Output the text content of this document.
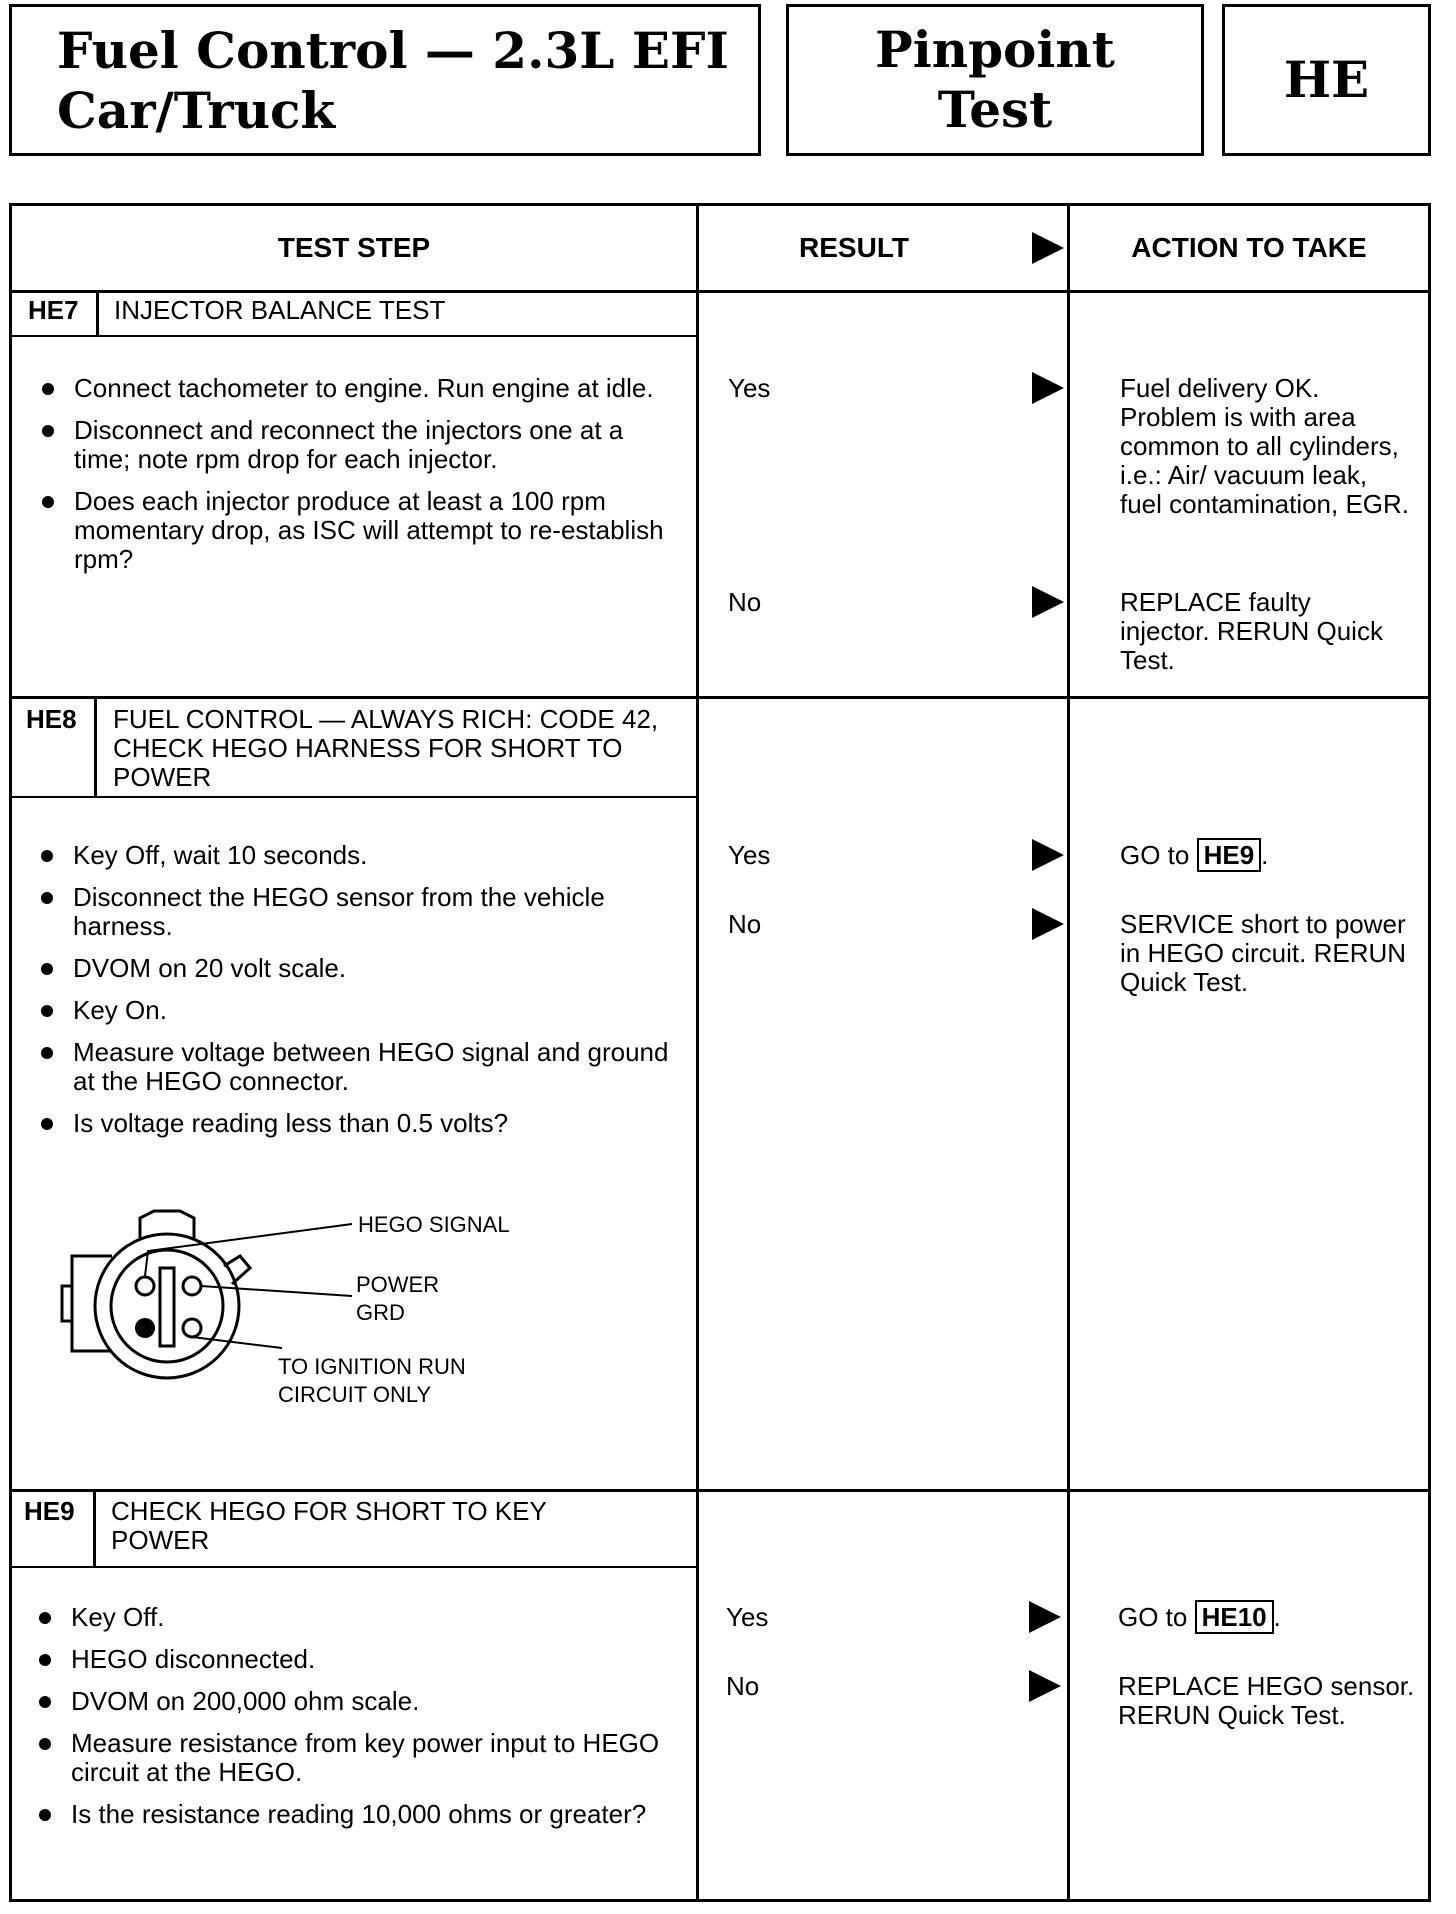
Fuel Control — 2.3L EFI
Car/Truck
Pinpoint
Test
HE
TEST STEP	RESULT	ACTION TO TAKE
HE7 INJECTOR BALANCE TEST
Connect tachometer to engine. Run engine at idle.
Disconnect and reconnect the injectors one at a time; note rpm drop for each injector.
Does each injector produce at least a 100 rpm momentary drop, as ISC will attempt to re-establish rpm?
Yes	Fuel delivery OK. Problem is with area common to all cylinders, i.e.: Air/ vacuum leak, fuel contamination, EGR.
No	REPLACE faulty injector. RERUN Quick Test.
HE8 FUEL CONTROL — ALWAYS RICH: CODE 42, CHECK HEGO HARNESS FOR SHORT TO POWER
Key Off, wait 10 seconds.
Disconnect the HEGO sensor from the vehicle harness.
DVOM on 20 volt scale.
Key On.
Measure voltage between HEGO signal and ground at the HEGO connector.
Is voltage reading less than 0.5 volts?
Yes	GO to HE9 .
No	SERVICE short to power in HEGO circuit. RERUN Quick Test.
HEGO SIGNAL
POWER
GRD
TO IGNITION RUN
CIRCUIT ONLY
HE9 CHECK HEGO FOR SHORT TO KEY POWER
Key Off.
HEGO disconnected.
DVOM on 200,000 ohm scale.
Measure resistance from key power input to HEGO circuit at the HEGO.
Is the resistance reading 10,000 ohms or greater?
Yes	GO to HE10 .
No	REPLACE HEGO sensor. RERUN Quick Test.
